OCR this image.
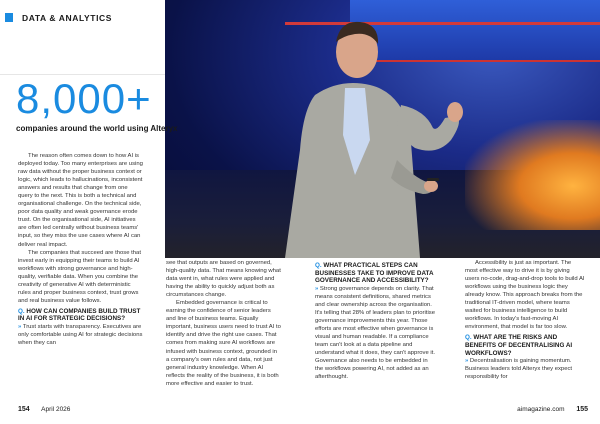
DATA & ANALYTICS
8,000+
companies around the world using Alteryx

The reason often comes down to how AI is deployed today. Too many enterprises are using raw data without the proper business context or logic, which leads to hallucinations, inconsistent answers and results that change from one query to the next. This is both a technical and organisational challenge. On the technical side, poor data quality and weak governance erode trust. On the organisational side, AI initiatives are often led centrally without business teams' input, so they miss the use cases where AI can deliver real impact.

The companies that succeed are those that invest early in equipping their teams to build AI workflows with strong governance and high-quality, verifiable data. When you combine the creativity of generative AI with deterministic rules and proper business context, trust grows and real business value follows.

Q. HOW CAN COMPANIES BUILD TRUST IN AI FOR STRATEGIC DECISIONS?

» Trust starts with transparency. Executives are only comfortable using AI for strategic decisions when they can

see that outputs are based on governed, high-quality data. That means knowing what data went in, what rules were applied and having the ability to quickly adjust both as circumstances change.

Embedded governance is critical to earning the confidence of senior leaders and line of business teams. Equally important, business users need to trust AI to identify and drive the right use cases. That comes from making sure AI workflows are infused with business context, grounded in a company's own rules and data, not just general industry knowledge. When AI reflects the reality of the business, it is both more effective and easier to trust.

Q. WHAT PRACTICAL STEPS CAN BUSINESSES TAKE TO IMPROVE DATA GOVERNANCE AND ACCESSIBILITY?

» Strong governance depends on clarity. That means consistent definitions, shared metrics and clear ownership across the organisation. It's telling that 28% of leaders plan to prioritise governance improvements this year. Those efforts are most effective when governance is visual and human readable. If a compliance team can't look at a data pipeline and understand what it does, they can't approve it. Governance also needs to be embedded in the workflows powering AI, not added as an afterthought.

Accessibility is just as important. The most effective way to drive it is by giving users no-code, drag-and-drop tools to build AI workflows using the business logic they already know. This approach breaks from the traditional IT-driven model, where teams waited for business intelligence to build workflows. In today's fast-moving AI environment, that model is far too slow.

Q. WHAT ARE THE RISKS AND BENEFITS OF DECENTRALISING AI WORKFLOWS?

» Decentralisation is gaining momentum. Business leaders told Alteryx they expect responsibility for

154 April 2026	aimagazine.com 155
